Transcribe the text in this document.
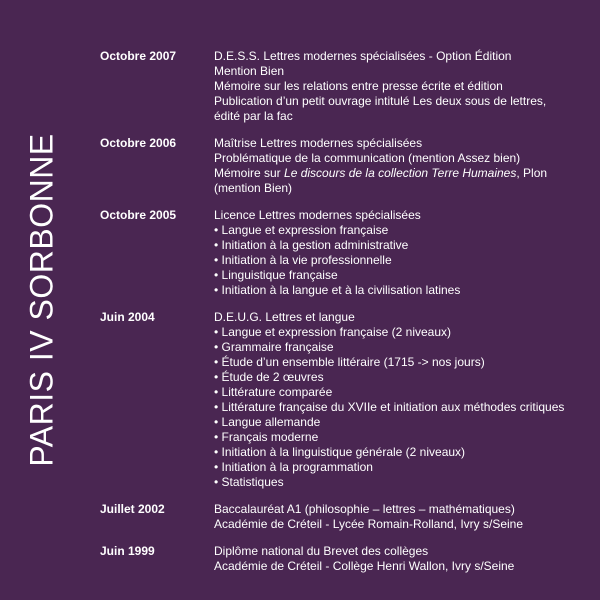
PARIS IV SORBONNE
Octobre 2007	D.E.S.S. Lettres modernes spécialisées - Option Édition
Mention Bien
Mémoire sur les relations entre presse écrite et édition
Publication d’un petit ouvrage intitulé Les deux sous de lettres,
édité par la fac
Octobre 2006	Maîtrise Lettres modernes spécialisées
Problématique de la communication (mention Assez bien)
Mémoire sur Le discours de la collection Terre Humaines, Plon
(mention Bien)
Octobre 2005	Licence Lettres modernes spécialisées
• Langue et expression française
• Initiation à la gestion administrative
• Initiation à la vie professionnelle
• Linguistique française
• Initiation à la langue et à la civilisation latines
Juin 2004	D.E.U.G. Lettres et langue
• Langue et expression française (2 niveaux)
• Grammaire française
• Étude d’un ensemble littéraire (1715 -> nos jours)
• Étude de 2 œuvres
• Littérature comparée
• Littérature française du XVIIe et initiation aux méthodes critiques
• Langue allemande
• Français moderne
• Initiation à la linguistique générale (2 niveaux)
• Initiation à la programmation
• Statistiques
Juillet 2002	Baccalauréat A1 (philosophie – lettres – mathématiques)
Académie de Créteil - Lycée Romain-Rolland, Ivry s/Seine
Juin 1999	Diplôme national du Brevet des collèges
Académie de Créteil - Collège Henri Wallon, Ivry s/Seine
